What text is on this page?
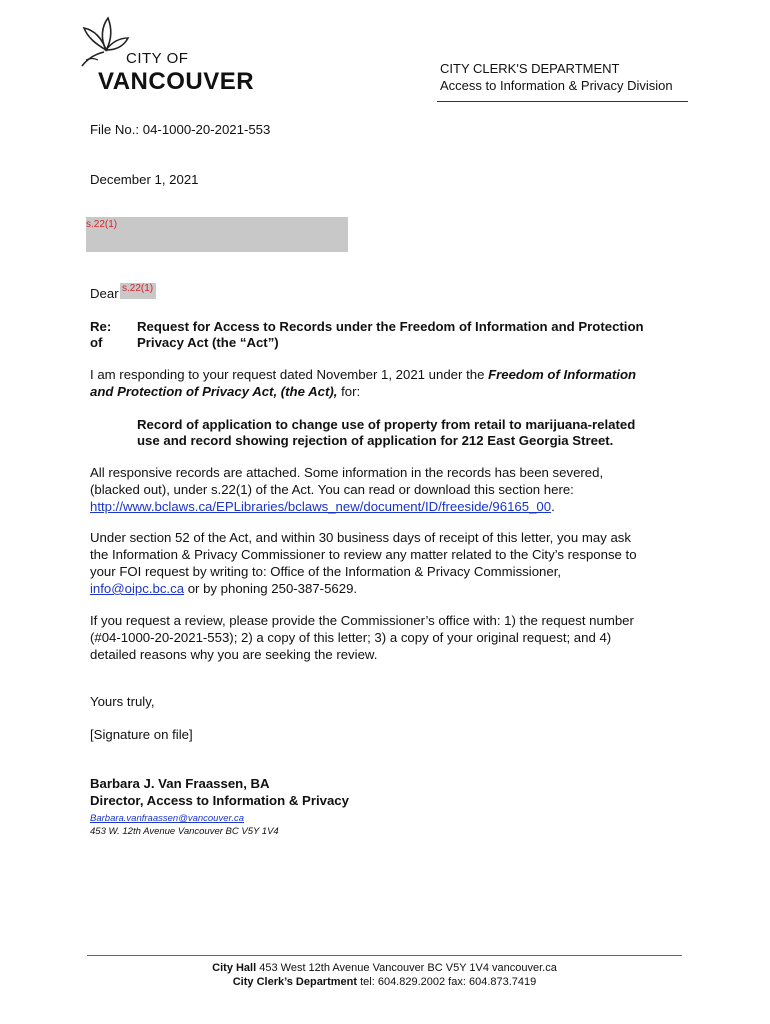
CITY OF
VANCOUVER	CITY CLERK'S DEPARTMENT
Access to Information & Privacy Division
File No.: 04-1000-20-2021-553
December 1, 2021
s.22(1)
Dear s.22(1)
Re:
of
Request for Access to Records under the Freedom of Information and Protection
Privacy Act (the “Act”)
I am responding to your request dated November 1, 2021 under the Freedom of Information
and Protection of Privacy Act, (the Act), for:
Record of application to change use of property from retail to marijuana-related
use and record showing rejection of application for 212 East Georgia Street.
All responsive records are attached. Some information in the records has been severed,
(blacked out), under s.22(1) of the Act. You can read or download this section here:
http://www.bclaws.ca/EPLibraries/bclaws_new/document/ID/freeside/96165_00.
Under section 52 of the Act, and within 30 business days of receipt of this letter, you may ask
the Information & Privacy Commissioner to review any matter related to the City’s response to
your FOI request by writing to: Office of the Information & Privacy Commissioner,
info@oipc.bc.ca or by phoning 250-387-5629.
If you request a review, please provide the Commissioner’s office with: 1) the request number
(#04-1000-20-2021-553); 2) a copy of this letter; 3) a copy of your original request; and 4)
detailed reasons why you are seeking the review.
Yours truly,
[Signature on file]
Barbara J. Van Fraassen, BA
Director, Access to Information & Privacy
Barbara.vanfraassen@vancouver.ca
453 W. 12th Avenue Vancouver BC V5Y 1V4
City Hall 453 West 12th Avenue Vancouver BC V5Y 1V4 vancouver.ca
City Clerk’s Department tel: 604.829.2002 fax: 604.873.7419
